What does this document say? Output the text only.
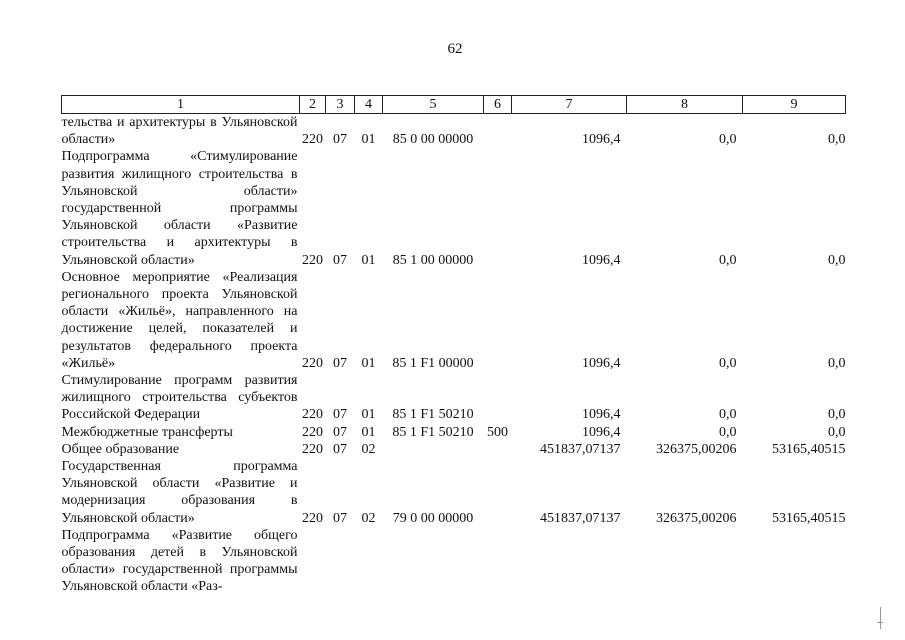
62
1	2	3	4	5	6	7	8	9
тельства и архитектуры в Ульяновской области»	220	07	01	85 0 00 00000		1096,4	0,0	0,0
Подпрограмма «Стимулирование развития жилищного строительства в Ульяновской области» государственной программы Ульяновской области «Развитие строительства и архитектуры в Ульяновской области»	220	07	01	85 1 00 00000		1096,4	0,0	0,0
Основное мероприятие «Реализация регионального проекта Ульяновской области «Жильё», направленного на достижение целей, показателей и результатов федерального проекта «Жильё»	220	07	01	85 1 F1 00000		1096,4	0,0	0,0
Стимулирование программ развития жилищного строительства субъектов Российской Федерации	220	07	01	85 1 F1 50210		1096,4	0,0	0,0
Межбюджетные трансферты	220	07	01	85 1 F1 50210	500	1096,4	0,0	0,0
Общее образование	220	07	02			451837,07137	326375,00206	53165,40515
Государственная программа Ульяновской области «Развитие и модернизация образования в Ульяновской области»	220	07	02	79 0 00 00000		451837,07137	326375,00206	53165,40515
Подпрограмма «Развитие общего образования детей в Ульяновской области» государственной программы Ульяновской области «Раз-								
